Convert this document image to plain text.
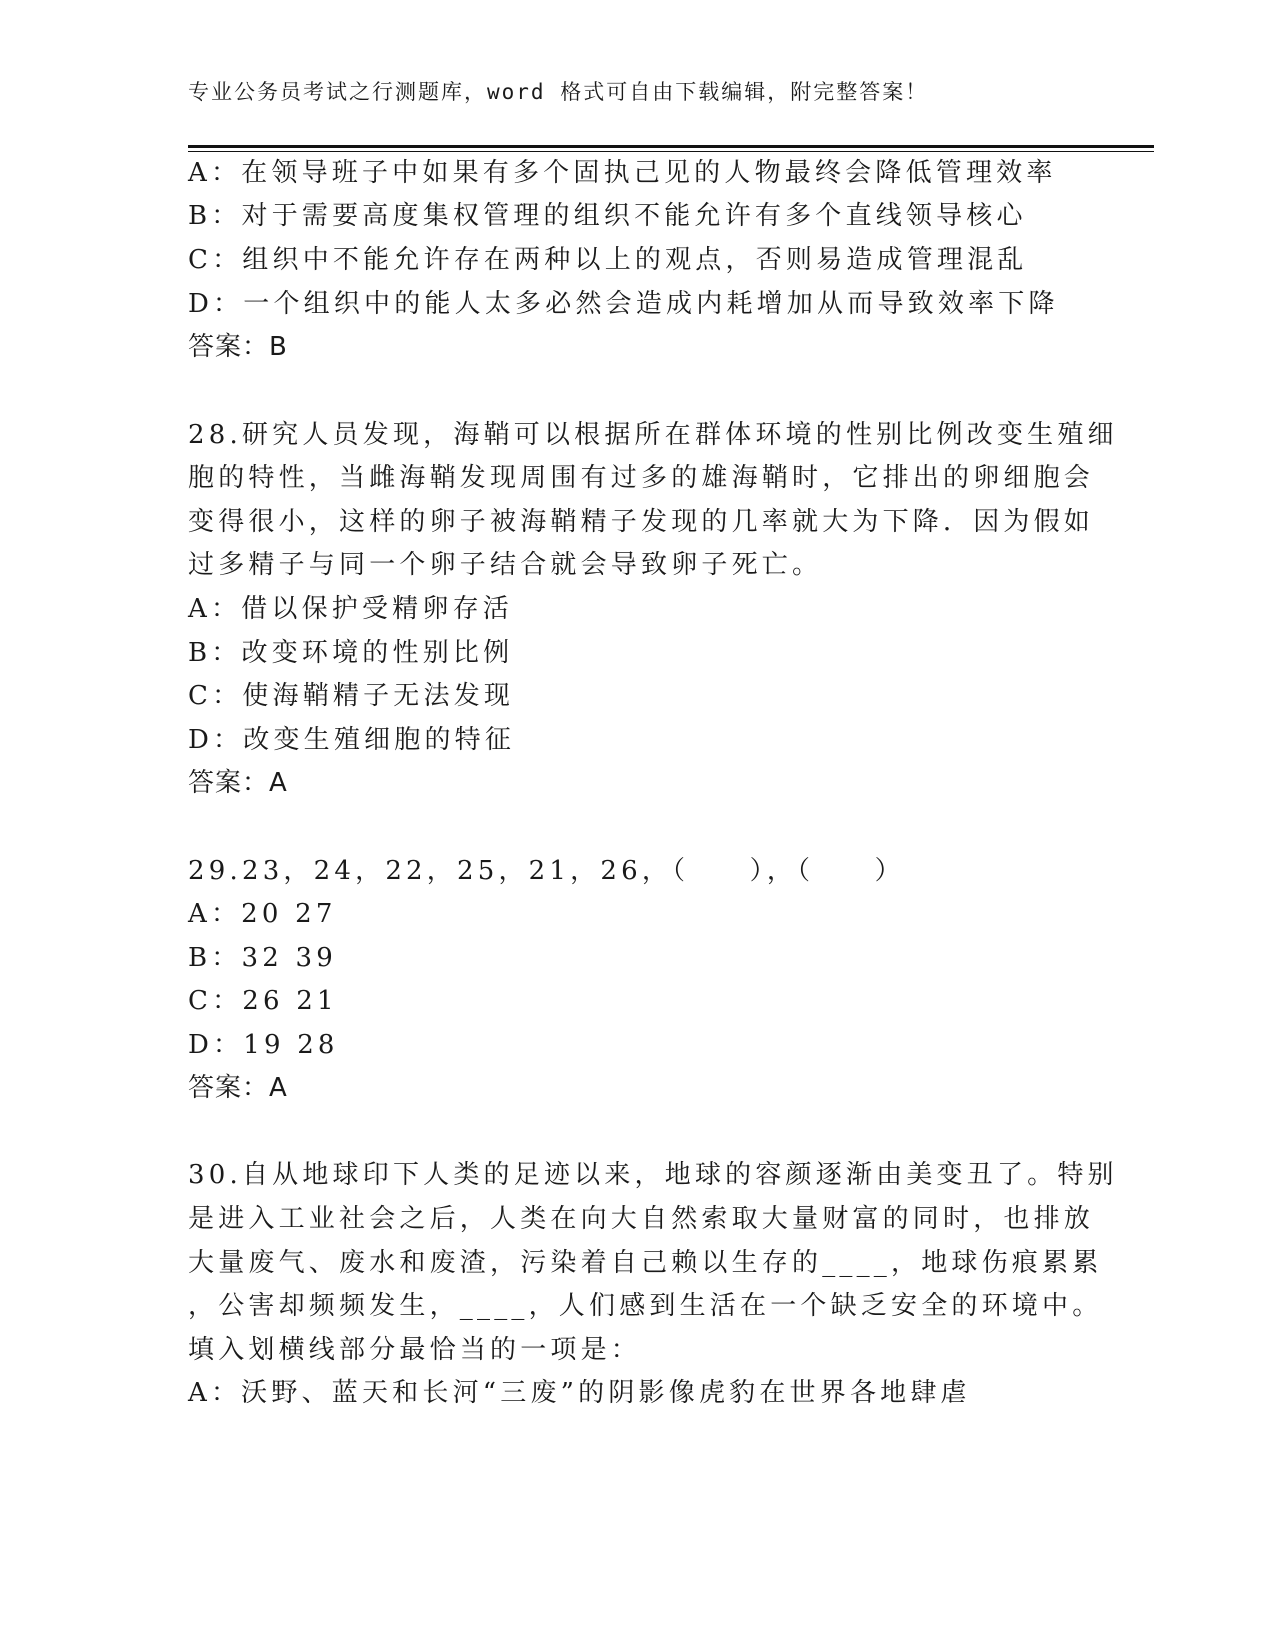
专业公务员考试之行测题库，word 格式可自由下载编辑，附完整答案！
A：在领导班子中如果有多个固执己见的人物最终会降低管理效率
B：对于需要高度集权管理的组织不能允许有多个直线领导核心
C：组织中不能允许存在两种以上的观点，否则易造成管理混乱
D：一个组织中的能人太多必然会造成内耗增加从而导致效率下降
答案：B
28.研究人员发现，海鞘可以根据所在群体环境的性别比例改变生殖细
胞的特性，当雌海鞘发现周围有过多的雄海鞘时，它排出的卵细胞会
变得很小，这样的卵子被海鞘精子发现的几率就大为下降．因为假如
过多精子与同一个卵子结合就会导致卵子死亡。
A：借以保护受精卵存活
B：改变环境的性别比例
C：使海鞘精子无法发现
D：改变生殖细胞的特征
答案：A
29.23，24，22，25，21，26，（　　），（　　）
A：20 27
B：32 39
C：26 21
D：19 28
答案：A
30.自从地球印下人类的足迹以来，地球的容颜逐渐由美变丑了。特别
是进入工业社会之后，人类在向大自然索取大量财富的同时，也排放
大量废气、废水和废渣，污染着自己赖以生存的____，地球伤痕累累
，公害却频频发生，____，人们感到生活在一个缺乏安全的环境中。
填入划横线部分最恰当的一项是：
A：沃野、蓝天和长河“三废”的阴影像虎豹在世界各地肆虐
